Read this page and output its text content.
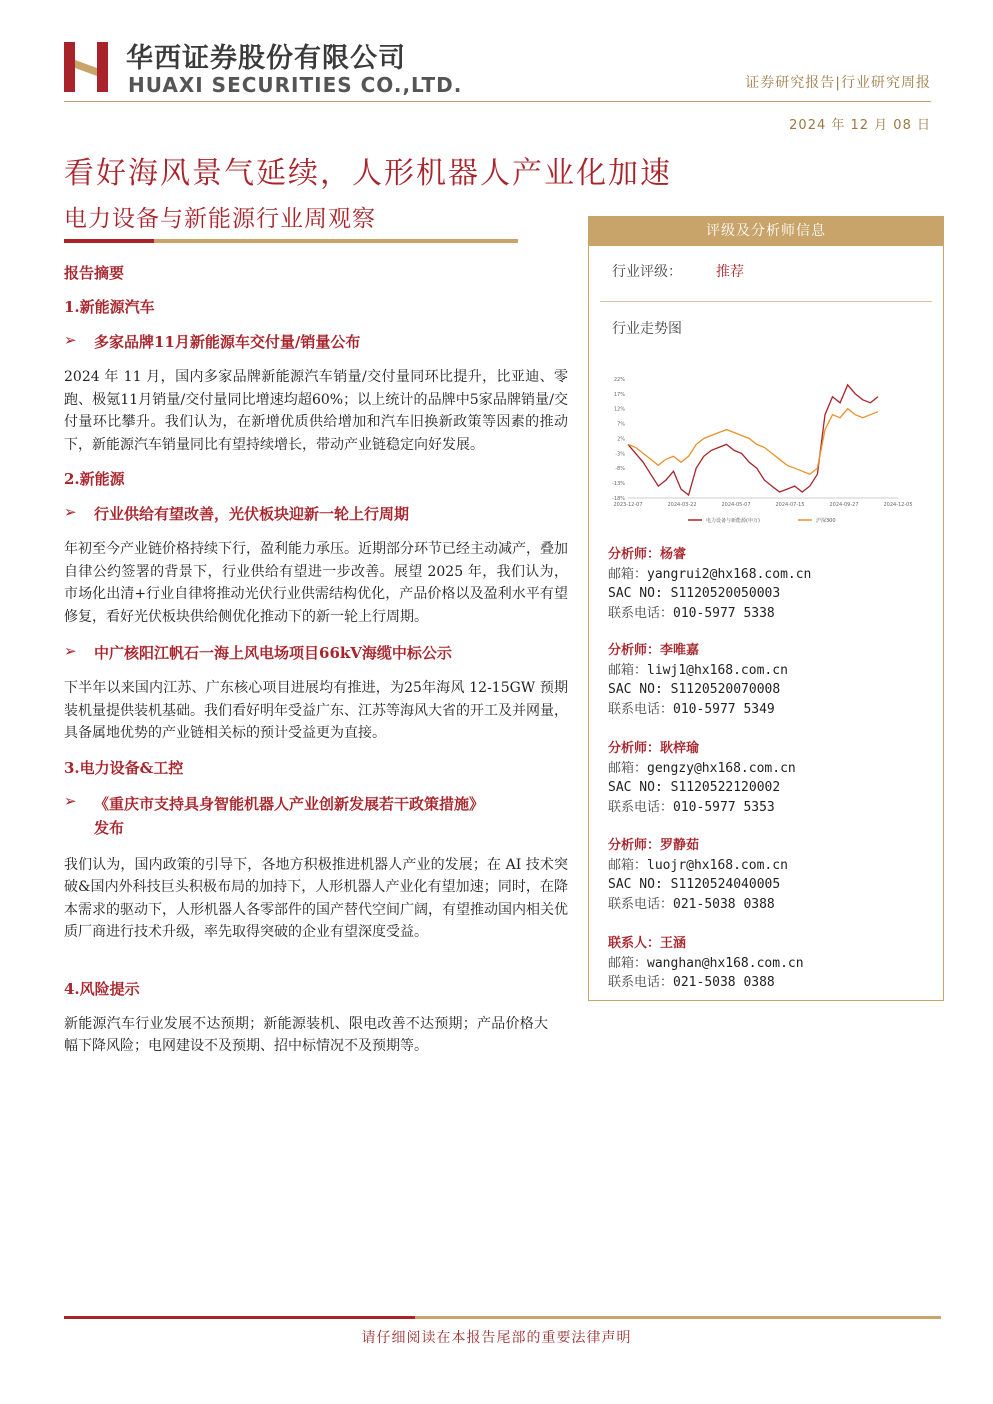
华西证券股份有限公司
HUAXI SECURITIES CO.,LTD.	证券研究报告|行业研究周报
2024 年 12 月 08 日
看好海风景气延续，人形机器人产业化加速
电力设备与新能源行业周观察

报告摘要

1.新能源汽车

➢	多家品牌11月新能源车交付量/销量公布

2024 年 11 月，国内多家品牌新能源汽车销量/交付量同环比提升，比亚迪、零跑、极氪11月销量/交付量同比增速均超60%；以上统计的品牌中5家品牌销量/交付量环比攀升。我们认为，在新增优质供给增加和汽车旧换新政策等因素的推动下，新能源汽车销量同比有望持续增长，带动产业链稳定向好发展。

2.新能源

➢	行业供给有望改善，光伏板块迎新一轮上行周期

年初至今产业链价格持续下行，盈利能力承压。近期部分环节已经主动减产，叠加自律公约签署的背景下，行业供给有望进一步改善。展望 2025 年，我们认为，市场化出清+行业自律将推动光伏行业供需结构优化，产品价格以及盈利水平有望修复，看好光伏板块供给侧优化推动下的新一轮上行周期。

➢	中广核阳江帆石一海上风电场项目66kV海缆中标公示

下半年以来国内江苏、广东核心项目进展均有推进，为25年海风 12-15GW 预期装机量提供装机基础。我们看好明年受益广东、江苏等海风大省的开工及并网量，具备属地优势的产业链相关标的预计受益更为直接。

3.电力设备&工控

➢	《重庆市支持具身智能机器人产业创新发展若干政策措施》
发布

我们认为，国内政策的引导下，各地方积极推进机器人产业的发展；在 AI 技术突破&国内外科技巨头积极布局的加持下，人形机器人产业化有望加速；同时，在降本需求的驱动下，人形机器人各零部件的国产替代空间广阔，有望推动国内相关优质厂商进行技术升级，率先取得突破的企业有望深度受益。

4.风险提示

新能源汽车行业发展不达预期；新能源装机、限电改善不达预期；产品价格大幅下降风险；电网建设不及预期、招中标情况不及预期等。

评级及分析师信息
行业评级： 推荐
行业走势图
22%
17%
12%
7%
2%
-3%
-8%
-13%
-18%
2023-12-07	2024-03-22	2024-05-07	2024-07-15	2024-09-27	2024-12-05
电力设备与新能源(申万)	沪深300
分析师：杨睿
邮箱：yangrui2@hx168.com.cn
SAC NO: S1120520050003
联系电话：010-5977 5338
分析师：李唯嘉
邮箱：liwj1@hx168.com.cn
SAC NO: S1120520070008
联系电话：010-5977 5349
分析师：耿梓瑜
邮箱：gengzy@hx168.com.cn
SAC NO: S1120522120002
联系电话：010-5977 5353
分析师：罗静茹
邮箱：luojr@hx168.com.cn
SAC NO: S1120524040005
联系电话：021-5038 0388
联系人：王涵
邮箱：wanghan@hx168.com.cn
联系电话：021-5038 0388
请仔细阅读在本报告尾部的重要法律声明
